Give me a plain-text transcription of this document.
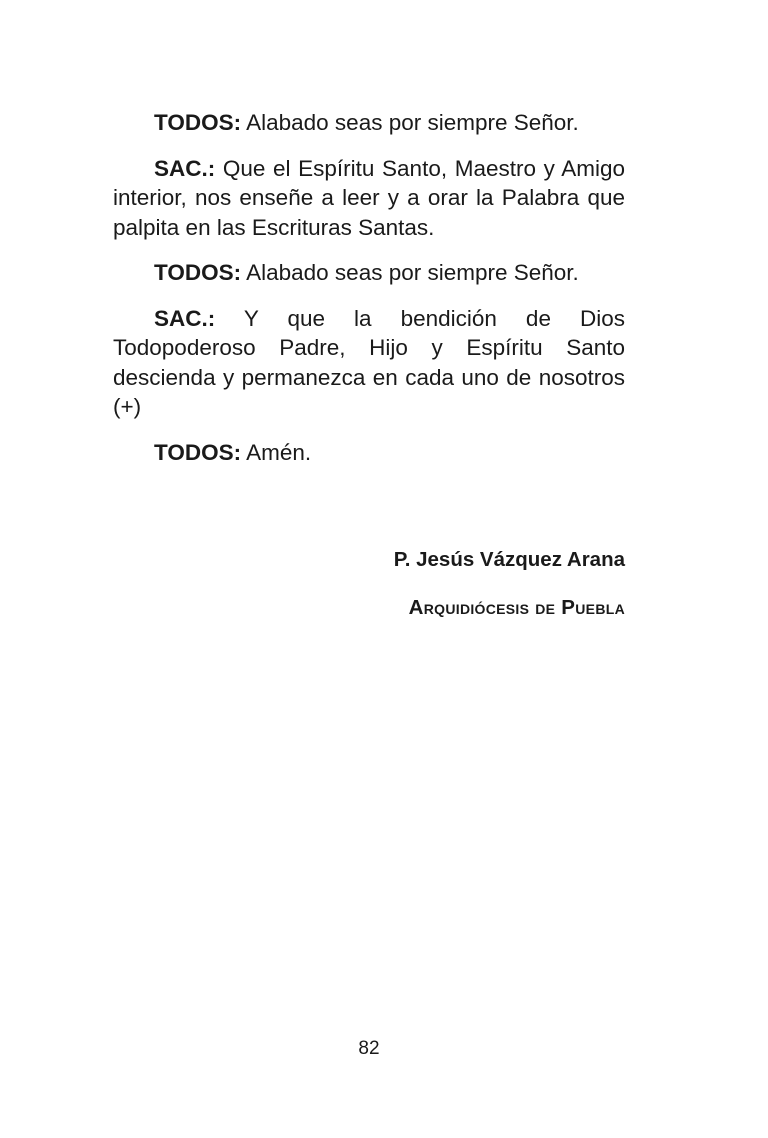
TODOS: Alabado seas por siempre Señor.

SAC.: Que el Espíritu Santo, Maestro y Amigo interior, nos enseñe a leer y a orar la Palabra que palpita en las Escrituras Santas.

TODOS: Alabado seas por siempre Señor.

SAC.: Y que la bendición de Dios Todopoderoso Padre, Hijo y Espíritu Santo descienda y permanezca en cada uno de nosotros (+)

TODOS: Amén.

P. Jesús Vázquez Arana
Arquidiócesis de Puebla
82
